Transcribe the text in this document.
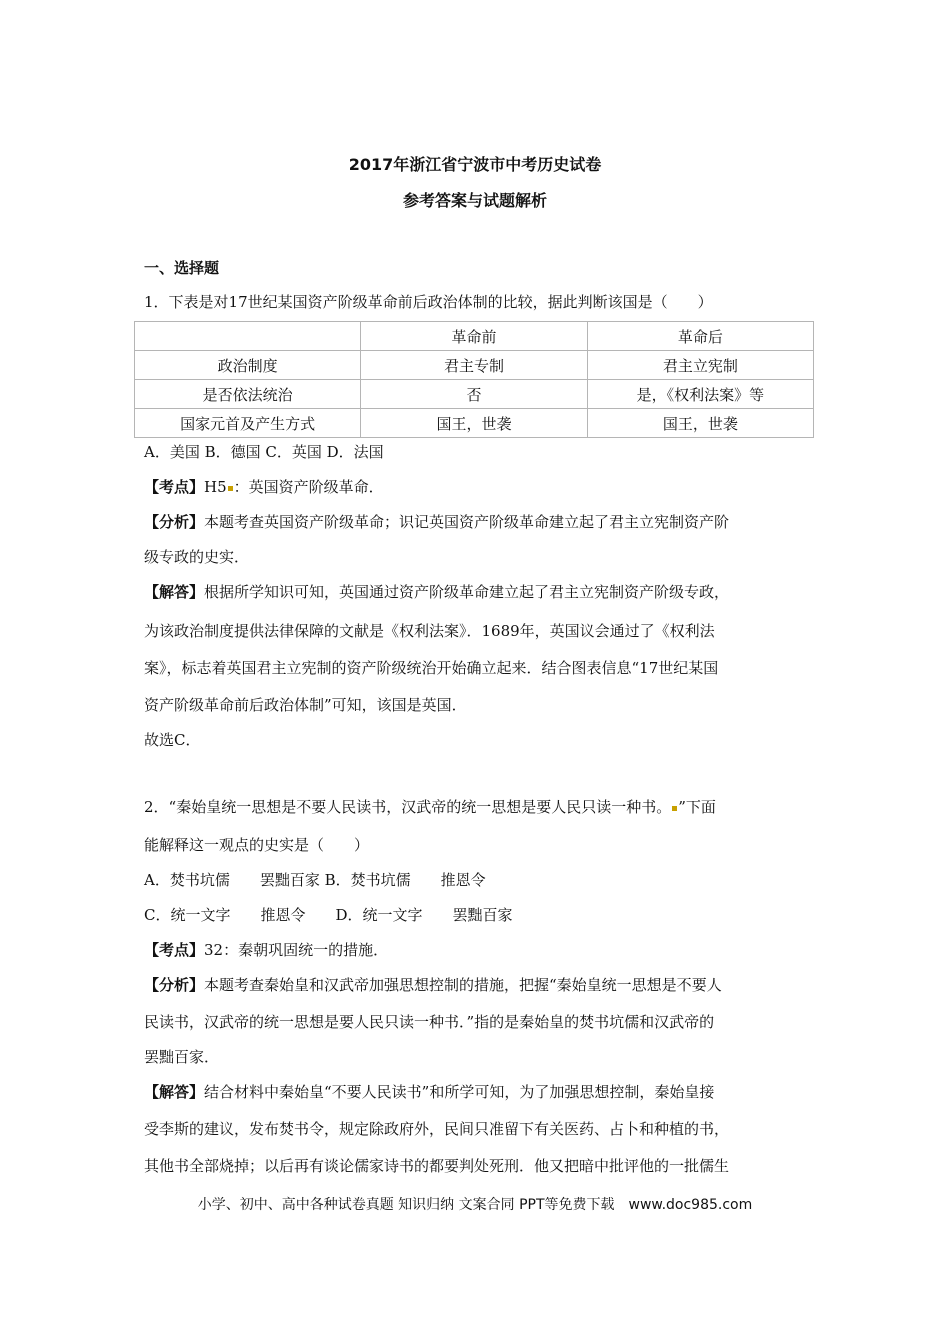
2017年浙江省宁波市中考历史试卷
参考答案与试题解析
一、选择题
1．下表是对17世纪某国资产阶级革命前后政治体制的比较，据此判断该国是（　　）
	革命前	革命后
政治制度	君主专制	君主立宪制
是否依法统治	否	是，《权利法案》等
国家元首及产生方式	国王，世袭	国王，世袭
A．美国 B．德国 C．英国 D．法国
【考点】H5 ：英国资产阶级革命．
【分析】本题考查英国资产阶级革命；识记英国资产阶级革命建立起了君主立宪制资产阶
级专政的史实．
【解答】根据所学知识可知，英国通过资产阶级革命建立起了君主立宪制资产阶级专政，
为该政治制度提供法律保障的文献是《权利法案》．1689年，英国议会通过了《权利法
案》，标志着英国君主立宪制的资产阶级统治开始确立起来．结合图表信息“17世纪某国
资产阶级革命前后政治体制”可知，该国是英国．
故选C．
2．“秦始皇统一思想是不要人民读书，汉武帝的统一思想是要人民只读一种书。 ”下面
能解释这一观点的史实是（　　）
A．焚书坑儒　　罢黜百家 B．焚书坑儒　　推恩令
C．统一文字　　推恩令　　D．统一文字　　罢黜百家
【考点】32：秦朝巩固统一的措施．
【分析】本题考查秦始皇和汉武帝加强思想控制的措施，把握“秦始皇统一思想是不要人
民读书，汉武帝的统一思想是要人民只读一种书．”指的是秦始皇的焚书坑儒和汉武帝的
罢黜百家．
【解答】结合材料中秦始皇“不要人民读书”和所学可知，为了加强思想控制，秦始皇接
受李斯的建议，发布焚书令，规定除政府外，民间只准留下有关医药、占卜和种植的书，
其他书全部烧掉；以后再有谈论儒家诗书的都要判处死刑．他又把暗中批评他的一批儒生
小学、初中、高中各种试卷真题 知识归纳 文案合同 PPT等免费下载　www.doc985.com
